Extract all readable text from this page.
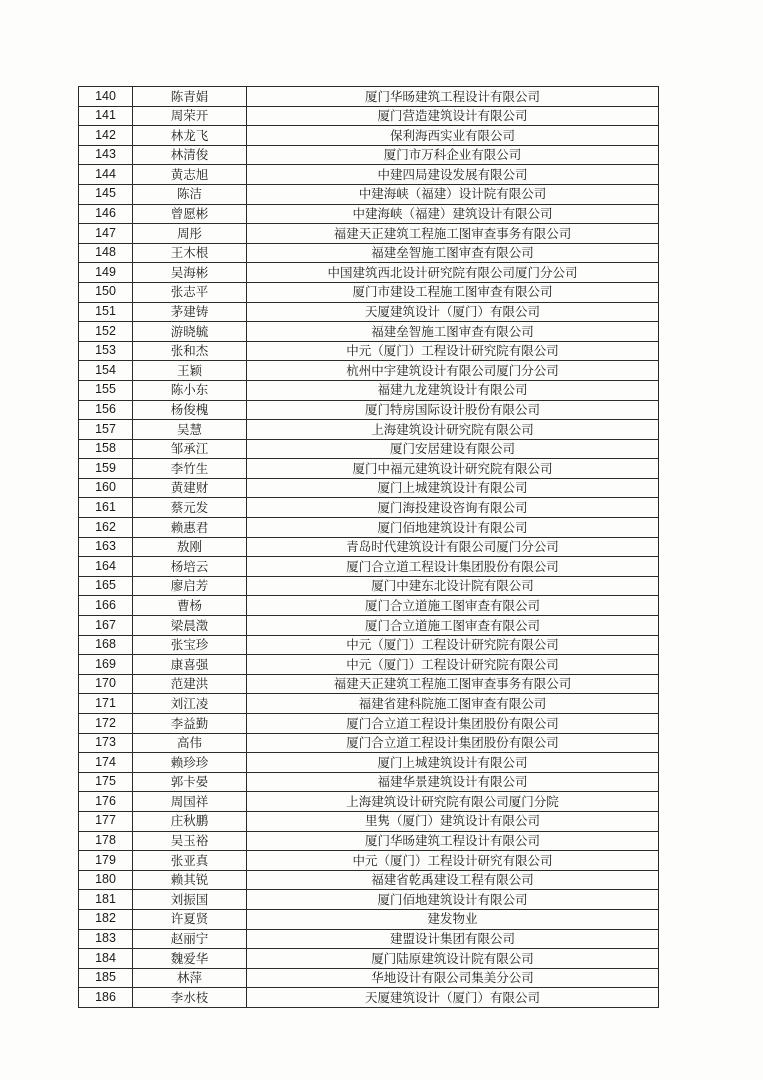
140	陈青娟	厦门华旸建筑工程设计有限公司
141	周荣开	厦门营造建筑设计有限公司
142	林龙飞	保利海西实业有限公司
143	林清俊	厦门市万科企业有限公司
144	黄志旭	中建四局建设发展有限公司
145	陈洁	中建海峡（福建）设计院有限公司
146	曾愿彬	中建海峡（福建）建筑设计有限公司
147	周彤	福建天正建筑工程施工图审查事务有限公司
148	王木根	福建垒智施工图审查有限公司
149	吴海彬	中国建筑西北设计研究院有限公司厦门分公司
150	张志平	厦门市建设工程施工图审查有限公司
151	茅建铸	天厦建筑设计（厦门）有限公司
152	游晓毓	福建垒智施工图审查有限公司
153	张和杰	中元（厦门）工程设计研究院有限公司
154	王颖	杭州中宇建筑设计有限公司厦门分公司
155	陈小东	福建九龙建筑设计有限公司
156	杨俊槐	厦门特房国际设计股份有限公司
157	吴慧	上海建筑设计研究院有限公司
158	邹承江	厦门安居建设有限公司
159	李竹生	厦门中福元建筑设计研究院有限公司
160	黄建财	厦门上城建筑设计有限公司
161	蔡元发	厦门海投建设咨询有限公司
162	赖惠君	厦门佰地建筑设计有限公司
163	敖刚	青岛时代建筑设计有限公司厦门分公司
164	杨培云	厦门合立道工程设计集团股份有限公司
165	廖启芳	厦门中建东北设计院有限公司
166	曹杨	厦门合立道施工图审查有限公司
167	梁晨澂	厦门合立道施工图审查有限公司
168	张宝珍	中元（厦门）工程设计研究院有限公司
169	康喜强	中元（厦门）工程设计研究院有限公司
170	范建洪	福建天正建筑工程施工图审查事务有限公司
171	刘江凌	福建省建科院施工图审查有限公司
172	李益勤	厦门合立道工程设计集团股份有限公司
173	高伟	厦门合立道工程设计集团股份有限公司
174	赖珍珍	厦门上城建筑设计有限公司
175	郭卡晏	福建华景建筑设计有限公司
176	周国祥	上海建筑设计研究院有限公司厦门分院
177	庄秋鹏	里隽（厦门）建筑设计有限公司
178	吴玉裕	厦门华旸建筑工程设计有限公司
179	张亚真	中元（厦门）工程设计研究有限公司
180	赖其锐	福建省乾禹建设工程有限公司
181	刘振国	厦门佰地建筑设计有限公司
182	许夏贤	建发物业
183	赵丽宁	建盟设计集团有限公司
184	魏爱华	厦门陆原建筑设计院有限公司
185	林萍	华地设计有限公司集美分公司
186	李水枝	天厦建筑设计（厦门）有限公司
